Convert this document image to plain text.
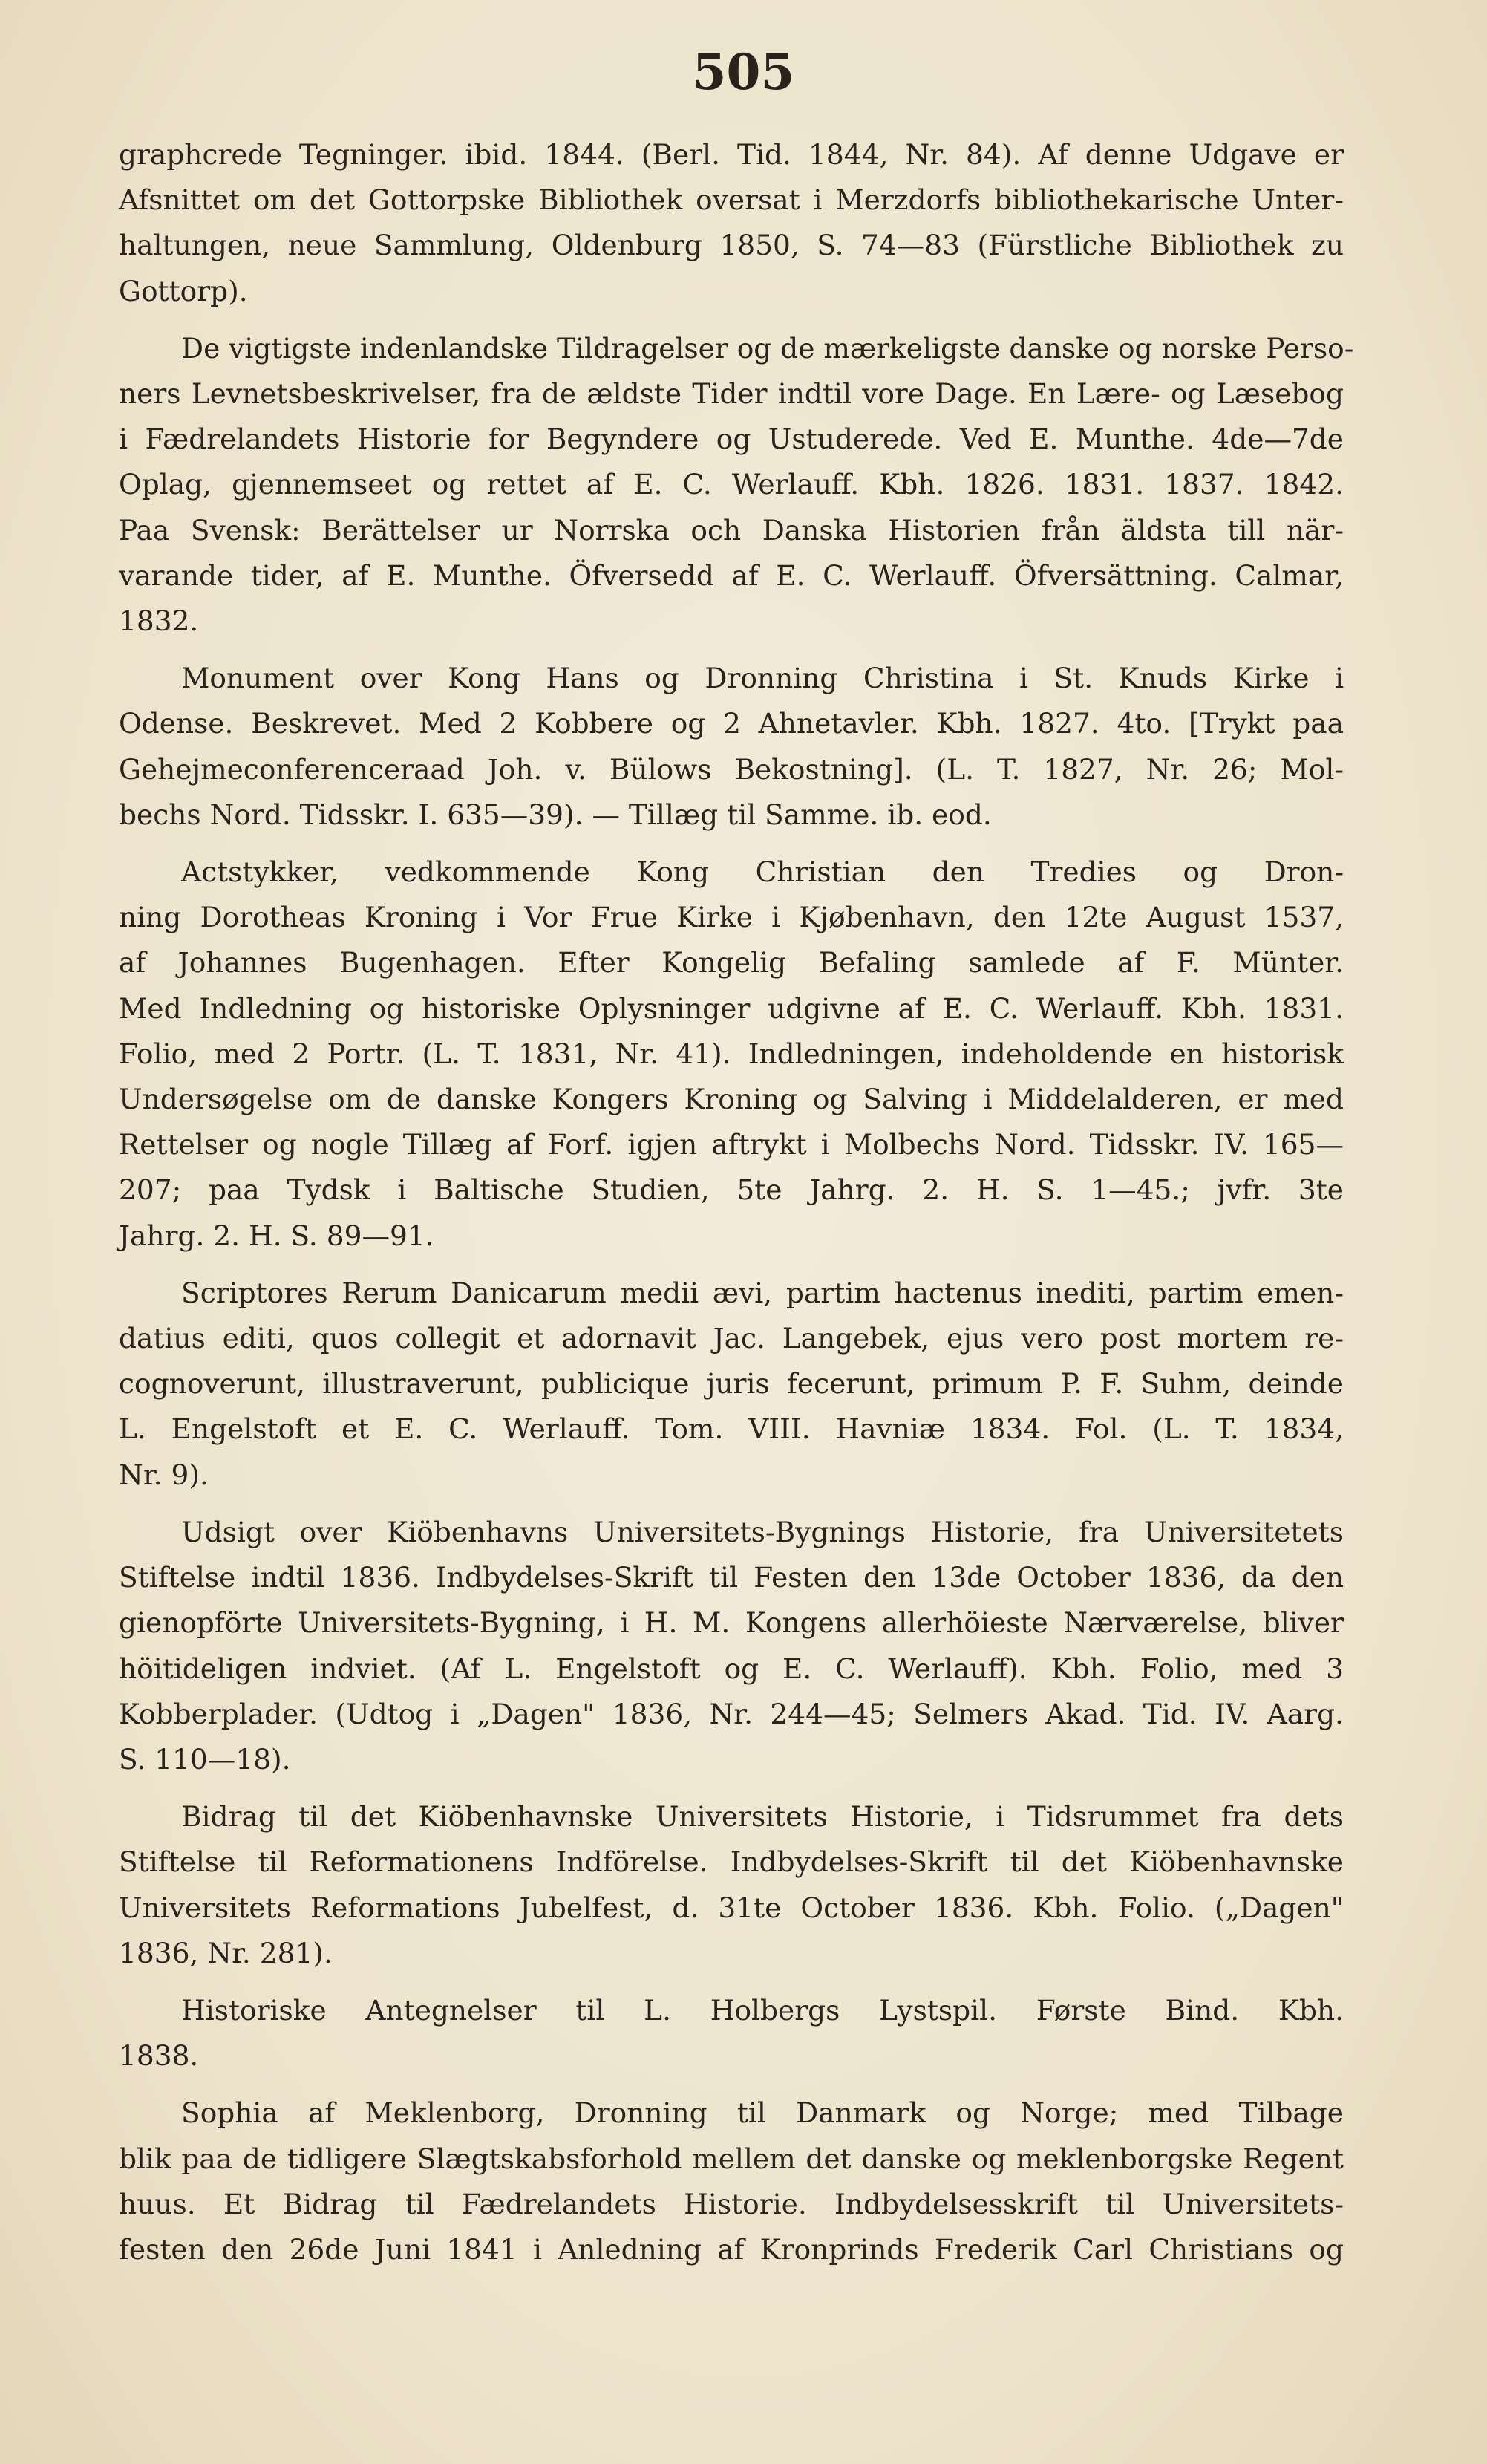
505
graphcrede Tegninger. ibid. 1844. (Berl. Tid. 1844, Nr. 84). Af denne Udgave er
Afsnittet om det Gottorpske Bibliothek oversat i Merzdorfs bibliothekarische Unter-
haltungen, neue Sammlung, Oldenburg 1850, S. 74—83 (Fürstliche Bibliothek zu
Gottorp).
De vigtigste indenlandske Tildragelser og de mærkeligste danske og norske Perso-
ners Levnetsbeskrivelser, fra de ældste Tider indtil vore Dage. En Lære- og Læsebog
i Fædrelandets Historie for Begyndere og Ustuderede. Ved E. Munthe. 4de—7de
Oplag, gjennemseet og rettet af E. C. Werlauff. Kbh. 1826. 1831. 1837. 1842.
Paa Svensk: Berättelser ur Norrska och Danska Historien från äldsta till när-
varande tider, af E. Munthe. Öfversedd af E. C. Werlauff. Öfversättning. Calmar,
1832.
Monument over Kong Hans og Dronning Christina i St. Knuds Kirke i
Odense. Beskrevet. Med 2 Kobbere og 2 Ahnetavler. Kbh. 1827. 4to. [Trykt paa
Gehejmeconferenceraad Joh. v. Bülows Bekostning]. (L. T. 1827, Nr. 26; Mol-
bechs Nord. Tidsskr. I. 635—39). — Tillæg til Samme. ib. eod.
Actstykker, vedkommende Kong Christian den Tredies og Dron-
ning Dorotheas Kroning i Vor Frue Kirke i Kjøbenhavn, den 12te August 1537,
af Johannes Bugenhagen. Efter Kongelig Befaling samlede af F. Münter.
Med Indledning og historiske Oplysninger udgivne af E. C. Werlauff. Kbh. 1831.
Folio, med 2 Portr. (L. T. 1831, Nr. 41). Indledningen, indeholdende en historisk
Undersøgelse om de danske Kongers Kroning og Salving i Middelalderen, er med
Rettelser og nogle Tillæg af Forf. igjen aftrykt i Molbechs Nord. Tidsskr. IV. 165—
207; paa Tydsk i Baltische Studien, 5te Jahrg. 2. H. S. 1—45.; jvfr. 3te
Jahrg. 2. H. S. 89—91.
Scriptores Rerum Danicarum medii ævi, partim hactenus inediti, partim emen-
datius editi, quos collegit et adornavit Jac. Langebek, ejus vero post mortem re-
cognoverunt, illustraverunt, publicique juris fecerunt, primum P. F. Suhm, deinde
L. Engelstoft et E. C. Werlauff. Tom. VIII. Havniæ 1834. Fol. (L. T. 1834,
Nr. 9).
Udsigt over Kiöbenhavns Universitets-Bygnings Historie, fra Universitetets
Stiftelse indtil 1836. Indbydelses-Skrift til Festen den 13de October 1836, da den
gienopförte Universitets-Bygning, i H. M. Kongens allerhöieste Nærværelse, bliver
höitideligen indviet. (Af L. Engelstoft og E. C. Werlauff). Kbh. Folio, med 3
Kobberplader. (Udtog i „Dagen" 1836, Nr. 244—45; Selmers Akad. Tid. IV. Aarg.
S. 110—18).
Bidrag til det Kiöbenhavnske Universitets Historie, i Tidsrummet fra dets
Stiftelse til Reformationens Indförelse. Indbydelses-Skrift til det Kiöbenhavnske
Universitets Reformations Jubelfest, d. 31te October 1836. Kbh. Folio. („Dagen"
1836, Nr. 281).
Historiske Antegnelser til L. Holbergs Lystspil. Første Bind. Kbh.
1838.
Sophia af Meklenborg, Dronning til Danmark og Norge; med Tilbage
blik paa de tidligere Slægtskabsforhold mellem det danske og meklenborgske Regent
huus. Et Bidrag til Fædrelandets Historie. Indbydelsesskrift til Universitets-
festen den 26de Juni 1841 i Anledning af Kronprinds Frederik Carl Christians og
